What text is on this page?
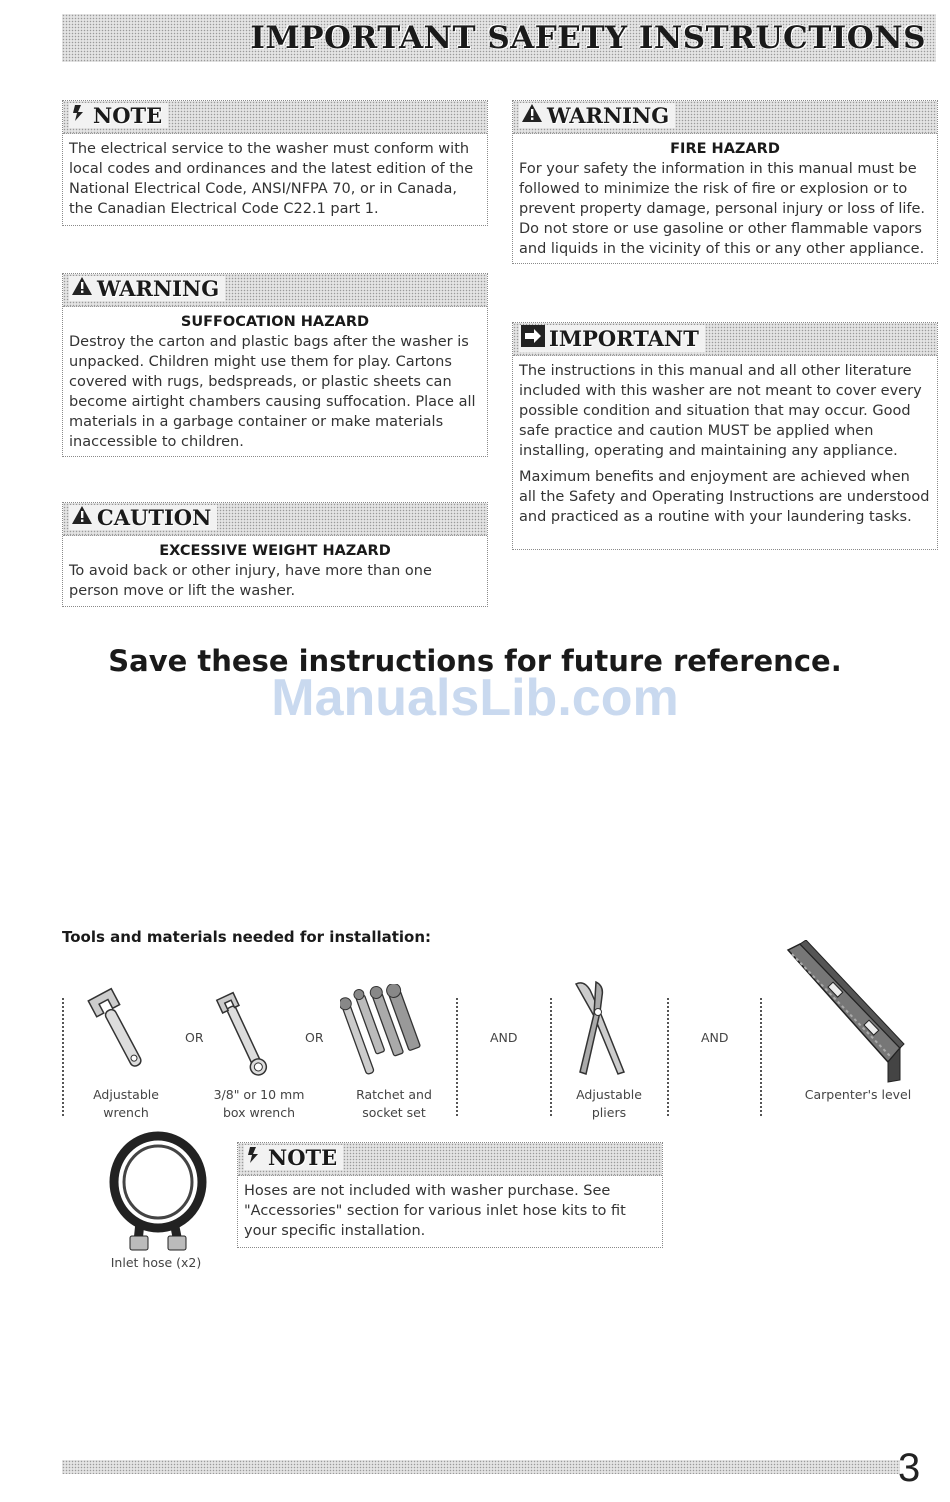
IMPORTANT SAFETY INSTRUCTIONS
NOTE
The electrical service to the washer must conform with local codes and ordinances and the latest edition of the National Electrical Code, ANSI/NFPA 70, or in Canada, the Canadian Electrical Code C22.1 part 1.
WARNING
FIRE HAZARD
For your safety the information in this manual must be followed to minimize the risk of fire or explosion or to prevent property damage, personal injury or loss of life. Do not store or use gasoline or other flammable vapors and liquids in the vicinity of this or any other appliance.
WARNING
SUFFOCATION HAZARD
Destroy the carton and plastic bags after the washer is unpacked. Children might use them for play. Cartons covered with rugs, bedspreads, or plastic sheets can become airtight chambers causing suffocation. Place all materials in a garbage container or make materials inaccessible to children.
IMPORTANT

The instructions in this manual and all other literature included with this washer are not meant to cover every possible condition and situation that may occur. Good safe practice and caution MUST be applied when installing, operating and maintaining any appliance.

Maximum benefits and enjoyment are achieved when all the Safety and Operating Instructions are understood and practiced as a routine with your laundering tasks.

CAUTION
EXCESSIVE WEIGHT HAZARD
To avoid back or other injury, have more than one person move or lift the washer.
Save these instructions for future reference.
ManualsLib.com
Tools and materials needed for installation:
OR	OR	AND	AND
Adjustable
wrench
3/8" or 10 mm
box wrench
Ratchet and
socket set
Adjustable
pliers
Carpenter's level
Inlet hose (x2)
NOTE
Hoses are not included with washer purchase. See "Accessories" section for various inlet hose kits to fit your specific installation.
3
